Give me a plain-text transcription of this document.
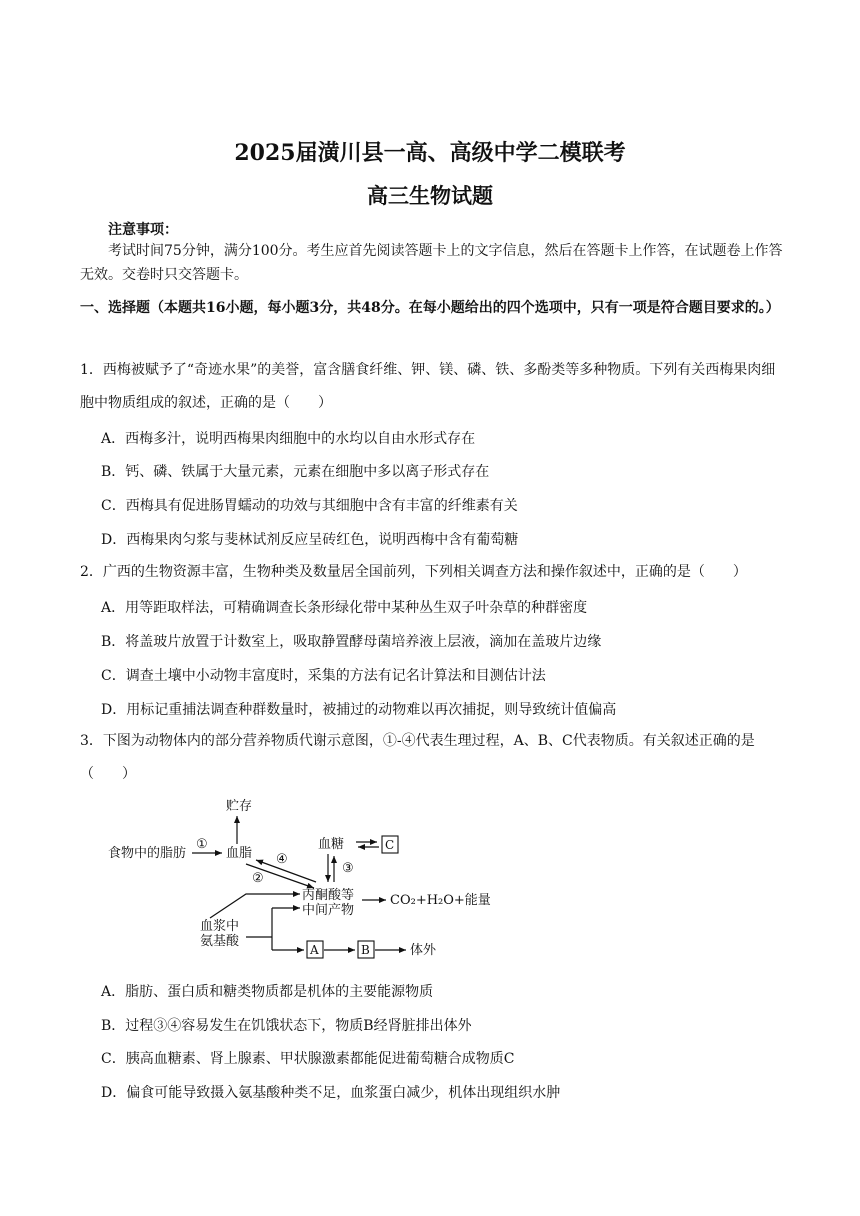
2025届潢川县一高、高级中学二模联考
高三生物试题
注意事项：
考试时间75分钟，满分100分。考生应首先阅读答题卡上的文字信息，然后在答题卡上作答，在试题卷上作答无效。交卷时只交答题卡。
一、选择题（本题共16小题，每小题3分，共48分。在每小题给出的四个选项中，只有一项是符合题目要求的。）
1．西梅被赋予了“奇迹水果”的美誉，富含膳食纤维、钾、镁、磷、铁、多酚类等多种物质。下列有关西梅果肉细胞中物质组成的叙述，正确的是（　　）
A．西梅多汁，说明西梅果肉细胞中的水均以自由水形式存在
B．钙、磷、铁属于大量元素，元素在细胞中多以离子形式存在
C．西梅具有促进肠胃蠕动的功效与其细胞中含有丰富的纤维素有关
D．西梅果肉匀浆与斐林试剂反应呈砖红色，说明西梅中含有葡萄糖
2．广西的生物资源丰富，生物种类及数量居全国前列，下列相关调查方法和操作叙述中，正确的是（　　）
A．用等距取样法，可精确调查长条形绿化带中某种丛生双子叶杂草的种群密度
B．将盖玻片放置于计数室上，吸取静置酵母菌培养液上层液，滴加在盖玻片边缘
C．调查土壤中小动物丰富度时，采集的方法有记名计算法和目测估计法
D．用标记重捕法调查种群数量时，被捕过的动物难以再次捕捉，则导致统计值偏高
3．下图为动物体内的部分营养物质代谢示意图，①-④代表生理过程，A、B、C代表物质。有关叙述正确的是（　　）
贮存
食物中的脂肪
①
血脂 ④
②
血糖	C
③
丙酮酸等
中间产物
CO₂+H₂O+能量
血浆中
氨基酸
A	B	体外
A．脂肪、蛋白质和糖类物质都是机体的主要能源物质
B．过程③④容易发生在饥饿状态下，物质B经肾脏排出体外
C．胰高血糖素、肾上腺素、甲状腺激素都能促进葡萄糖合成物质C
D．偏食可能导致摄入氨基酸种类不足，血浆蛋白减少，机体出现组织水肿
